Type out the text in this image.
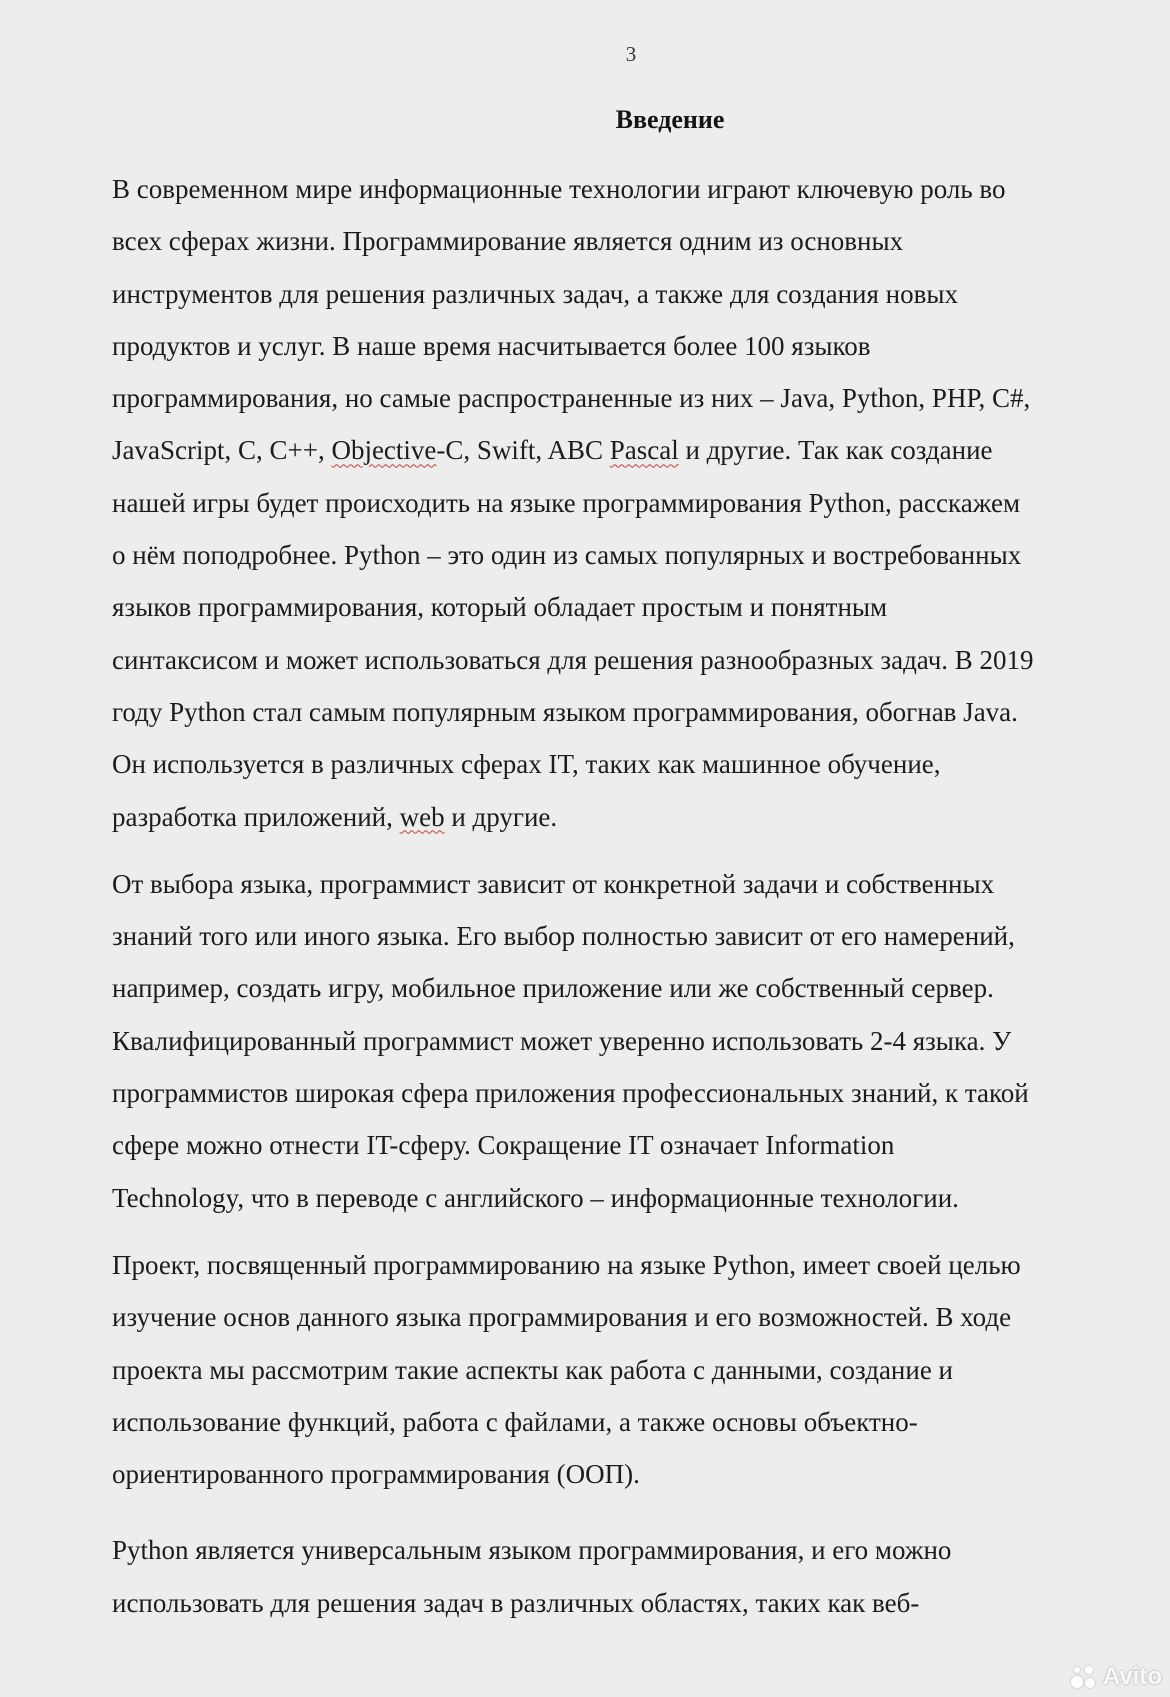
3
Введение

В современном мире информационные технологии играют ключевую роль во
всех сферах жизни. Программирование является одним из основных
инструментов для решения различных задач, а также для создания новых
продуктов и услуг. В наше время насчитывается более 100 языков
программирования, но самые распространенные из них – Java, Python, PHP, C#,
JavaScript, C, C++, Objective-C, Swift, ABC Pascal и другие. Так как создание
нашей игры будет происходить на языке программирования Python, расскажем
о нём поподробнее. Python – это один из самых популярных и востребованных
языков программирования, который обладает простым и понятным
синтаксисом и может использоваться для решения разнообразных задач. В 2019
году Python стал самым популярным языком программирования, обогнав Java.
Он используется в различных сферах IT, таких как машинное обучение,
разработка приложений, web и другие.

От выбора языка, программист зависит от конкретной задачи и собственных
знаний того или иного языка. Его выбор полностью зависит от его намерений,
например, создать игру, мобильное приложение или же собственный сервер.
Квалифицированный программист может уверенно использовать 2-4 языка. У
программистов широкая сфера приложения профессиональных знаний, к такой
сфере можно отнести IT-сферу. Сокращение IT означает Information
Technology, что в переводе с английского – информационные технологии.

Проект, посвященный программированию на языке Python, имеет своей целью
изучение основ данного языка программирования и его возможностей. В ходе
проекта мы рассмотрим такие аспекты как работа с данными, создание и
использование функций, работа с файлами, а также основы объектно-
ориентированного программирования (ООП).

Python является универсальным языком программирования, и его можно
использовать для решения задач в различных областях, таких как веб-

Avito
